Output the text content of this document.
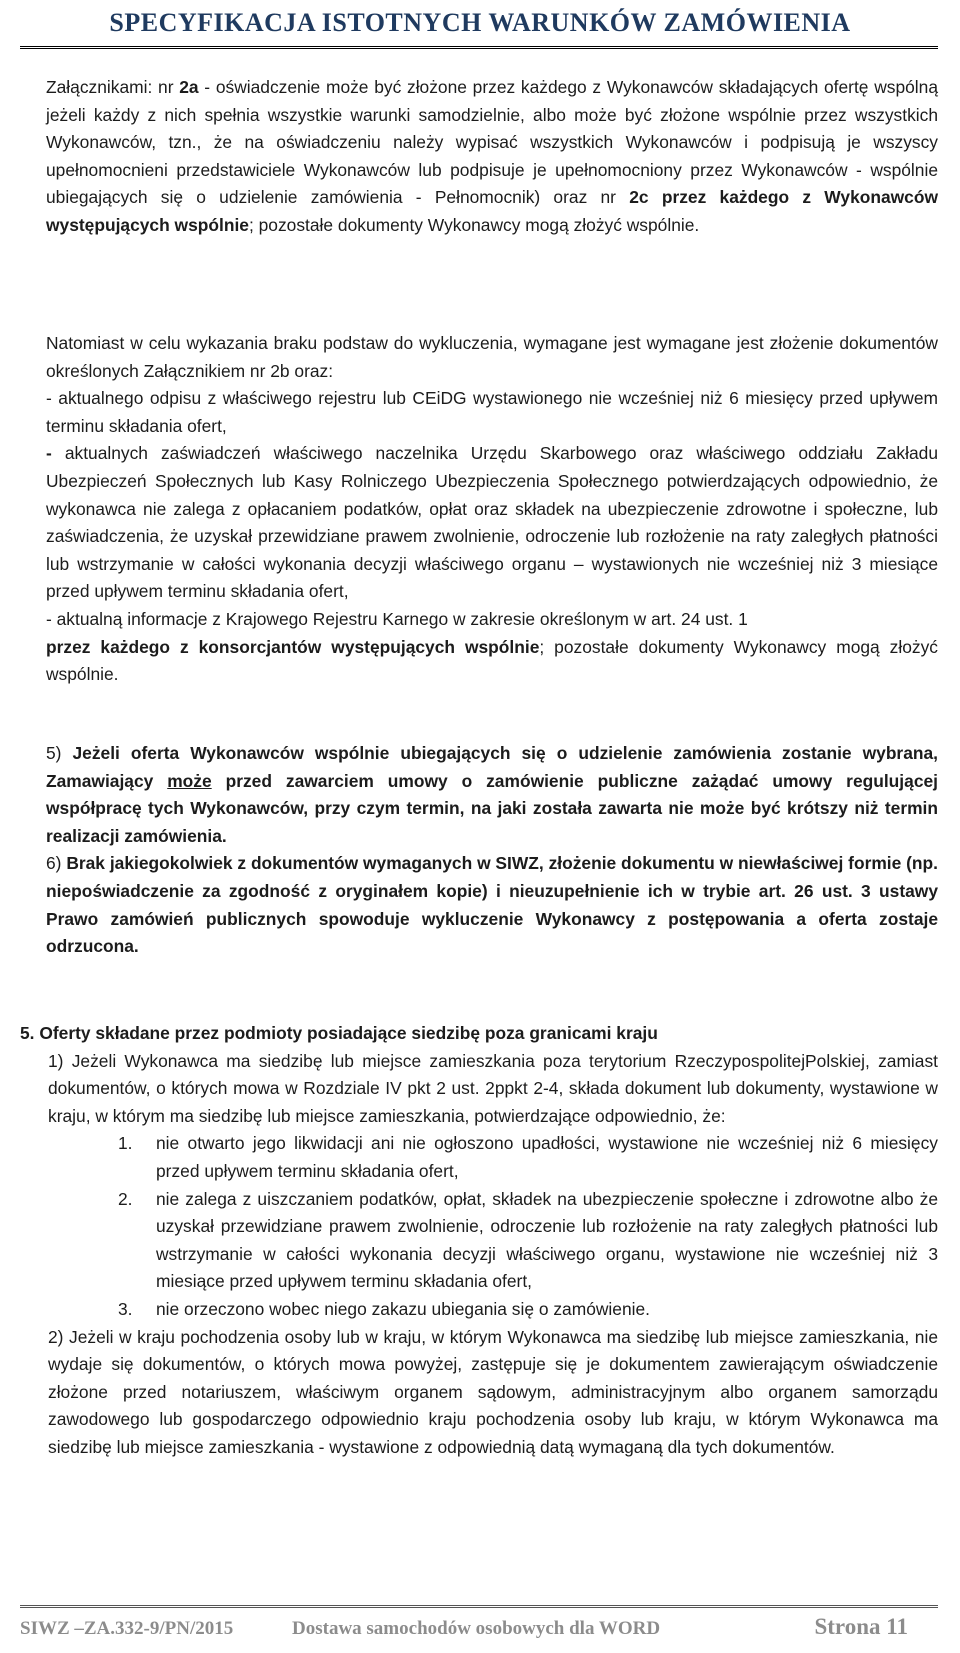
SPECYFIKACJA ISTOTNYCH WARUNKÓW ZAMÓWIENIA

Załącznikami: nr 2a - oświadczenie może być złożone przez każdego z Wykonawców składających ofertę wspólną jeżeli każdy z nich spełnia wszystkie warunki samodzielnie, albo może być złożone wspólnie przez wszystkich Wykonawców, tzn., że na oświadczeniu należy wypisać wszystkich Wykonawców i podpisują je wszyscy upełnomocnieni przedstawiciele Wykonawców lub podpisuje je upełnomocniony przez Wykonawców - wspólnie ubiegających się o udzielenie zamówienia - Pełnomocnik) oraz nr 2c przez każdego z Wykonawców występujących wspólnie; pozostałe dokumenty Wykonawcy mogą złożyć wspólnie.

Natomiast w celu wykazania braku podstaw do wykluczenia, wymagane jest wymagane jest złożenie dokumentów określonych Załącznikiem nr 2b oraz:

- aktualnego odpisu z właściwego rejestru lub CEiDG wystawionego nie wcześniej niż 6 miesięcy przed upływem terminu składania ofert,

- aktualnych zaświadczeń właściwego naczelnika Urzędu Skarbowego oraz właściwego oddziału Zakładu Ubezpieczeń Społecznych lub Kasy Rolniczego Ubezpieczenia Społecznego potwierdzających odpowiednio, że wykonawca nie zalega z opłacaniem podatków, opłat oraz składek na ubezpieczenie zdrowotne i społeczne, lub zaświadczenia, że uzyskał przewidziane prawem zwolnienie, odroczenie lub rozłożenie na raty zaległych płatności lub wstrzymanie w całości wykonania decyzji właściwego organu – wystawionych nie wcześniej niż 3 miesiące przed upływem terminu składania ofert,

- aktualną informacje z Krajowego Rejestru Karnego w zakresie określonym w art. 24 ust. 1

przez każdego z konsorcjantów występujących wspólnie; pozostałe dokumenty Wykonawcy mogą złożyć wspólnie.

5) Jeżeli oferta Wykonawców wspólnie ubiegających się o udzielenie zamówienia zostanie wybrana, Zamawiający może przed zawarciem umowy o zamówienie publiczne zażądać umowy regulującej współpracę tych Wykonawców, przy czym termin, na jaki została zawarta nie może być krótszy niż termin realizacji zamówienia.

6) Brak jakiegokolwiek z dokumentów wymaganych w SIWZ, złożenie dokumentu w niewłaściwej formie (np. niepoświadczenie za zgodność z oryginałem kopie) i nieuzupełnienie ich w trybie art. 26 ust. 3 ustawy Prawo zamówień publicznych spowoduje wykluczenie Wykonawcy z postępowania a oferta zostaje odrzucona.

5. Oferty składane przez podmioty posiadające siedzibę poza granicami kraju

1) Jeżeli Wykonawca ma siedzibę lub miejsce zamieszkania poza terytorium RzeczypospolitejPolskiej, zamiast dokumentów, o których mowa w Rozdziale IV pkt 2 ust. 2ppkt 2-4, składa dokument lub dokumenty, wystawione w kraju, w którym ma siedzibę lub miejsce zamieszkania, potwierdzające odpowiednio, że:

1. nie otwarto jego likwidacji ani nie ogłoszono upadłości, wystawione nie wcześniej niż 6 miesięcy przed upływem terminu składania ofert,
2. nie zalega z uiszczaniem podatków, opłat, składek na ubezpieczenie społeczne i zdrowotne albo że uzyskał przewidziane prawem zwolnienie, odroczenie lub rozłożenie na raty zaległych płatności lub wstrzymanie w całości wykonania decyzji właściwego organu, wystawione nie wcześniej niż 3 miesiące przed upływem terminu składania ofert,
3. nie orzeczono wobec niego zakazu ubiegania się o zamówienie.

2) Jeżeli w kraju pochodzenia osoby lub w kraju, w którym Wykonawca ma siedzibę lub miejsce zamieszkania, nie wydaje się dokumentów, o których mowa powyżej, zastępuje się je dokumentem zawierającym oświadczenie złożone przed notariuszem, właściwym organem sądowym, administracyjnym albo organem samorządu zawodowego lub gospodarczego odpowiednio kraju pochodzenia osoby lub kraju, w którym Wykonawca ma siedzibę lub miejsce zamieszkania - wystawione z odpowiednią datą wymaganą dla tych dokumentów.

SIWZ –ZA.332-9/PN/2015	Dostawa samochodów osobowych dla WORD	Strona 11
